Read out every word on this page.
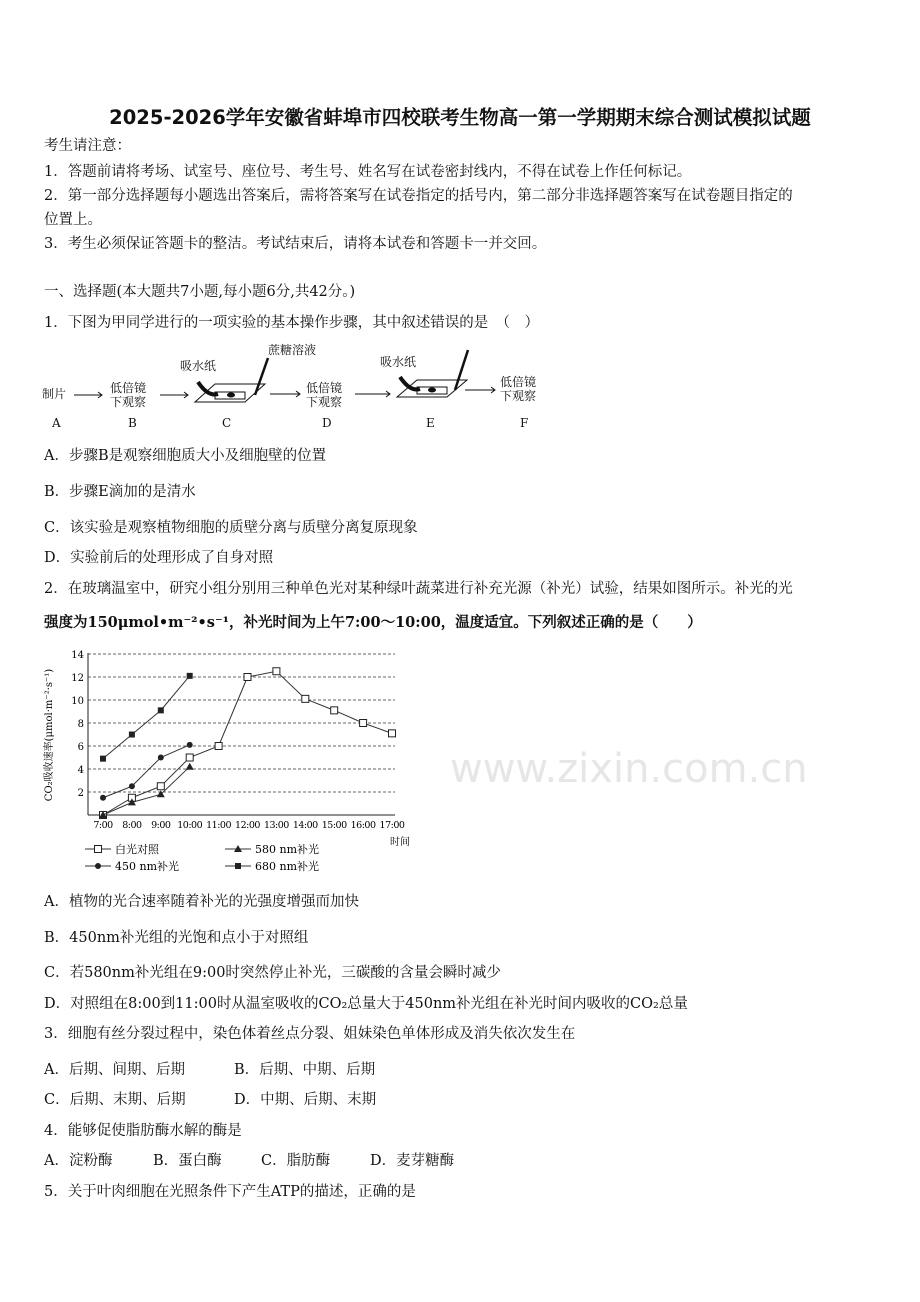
www.zixin.com.cn
2025-2026学年安徽省蚌埠市四校联考生物高一第一学期期末综合测试模拟试题
考生请注意：
1．答题前请将考场、试室号、座位号、考生号、姓名写在试卷密封线内，不得在试卷上作任何标记。
2．第一部分选择题每小题选出答案后，需将答案写在试卷指定的括号内，第二部分非选择题答案写在试卷题目指定的
位置上。
3．考生必须保证答题卡的整洁。考试结束后，请将本试卷和答题卡一并交回。
一、选择题(本大题共7小题,每小题6分,共42分。)
1．下图为甲同学进行的一项实验的基本操作步骤，其中叙述错误的是　（　）
制片	低倍镜
下观察
低倍镜
下观察
低倍镜
下观察
吸水纸
蔗糖溶液
吸水纸
A	B	C	D	E	F
A．步骤B是观察细胞质大小及细胞壁的位置
B．步骤E滴加的是清水
C．该实验是观察植物细胞的质壁分离与质壁分离复原现象
D．实验前后的处理形成了自身对照
2．在玻璃温室中，研究小组分别用三种单色光对某种绿叶蔬菜进行补充光源（补光）试验，结果如图所示。补光的光
强度为150μmol•m⁻²•s⁻¹，补光时间为上午7:00～10:00，温度适宜。下列叙述正确的是（　　）
CO₂吸收速率(μmol·m⁻²·s⁻¹)
时间
2
4
6
8
10
12
14
7:00 8:00 9:00 10:00 11:00 12:00 13:00 14:00 15:00 16:00 17:00
白光对照	580 nm补光
450 nm补光	680 nm补光
A．植物的光合速率随着补光的光强度增强而加快
B．450nm补光组的光饱和点小于对照组
C．若580nm补光组在9:00时突然停止补光，三碳酸的含量会瞬时减少
D．对照组在8:00到11:00时从温室吸收的CO₂总量大于450nm补光组在补光时间内吸收的CO₂总量
3．细胞有丝分裂过程中，染色体着丝点分裂、姐妹染色单体形成及消失依次发生在
A．后期、间期、后期	B．后期、中期、后期
C．后期、末期、后期	D．中期、后期、末期
4．能够促使脂肪酶水解的酶是
A．淀粉酶	B．蛋白酶	C．脂肪酶	D．麦芽糖酶
5．关于叶肉细胞在光照条件下产生ATP的描述，正确的是
